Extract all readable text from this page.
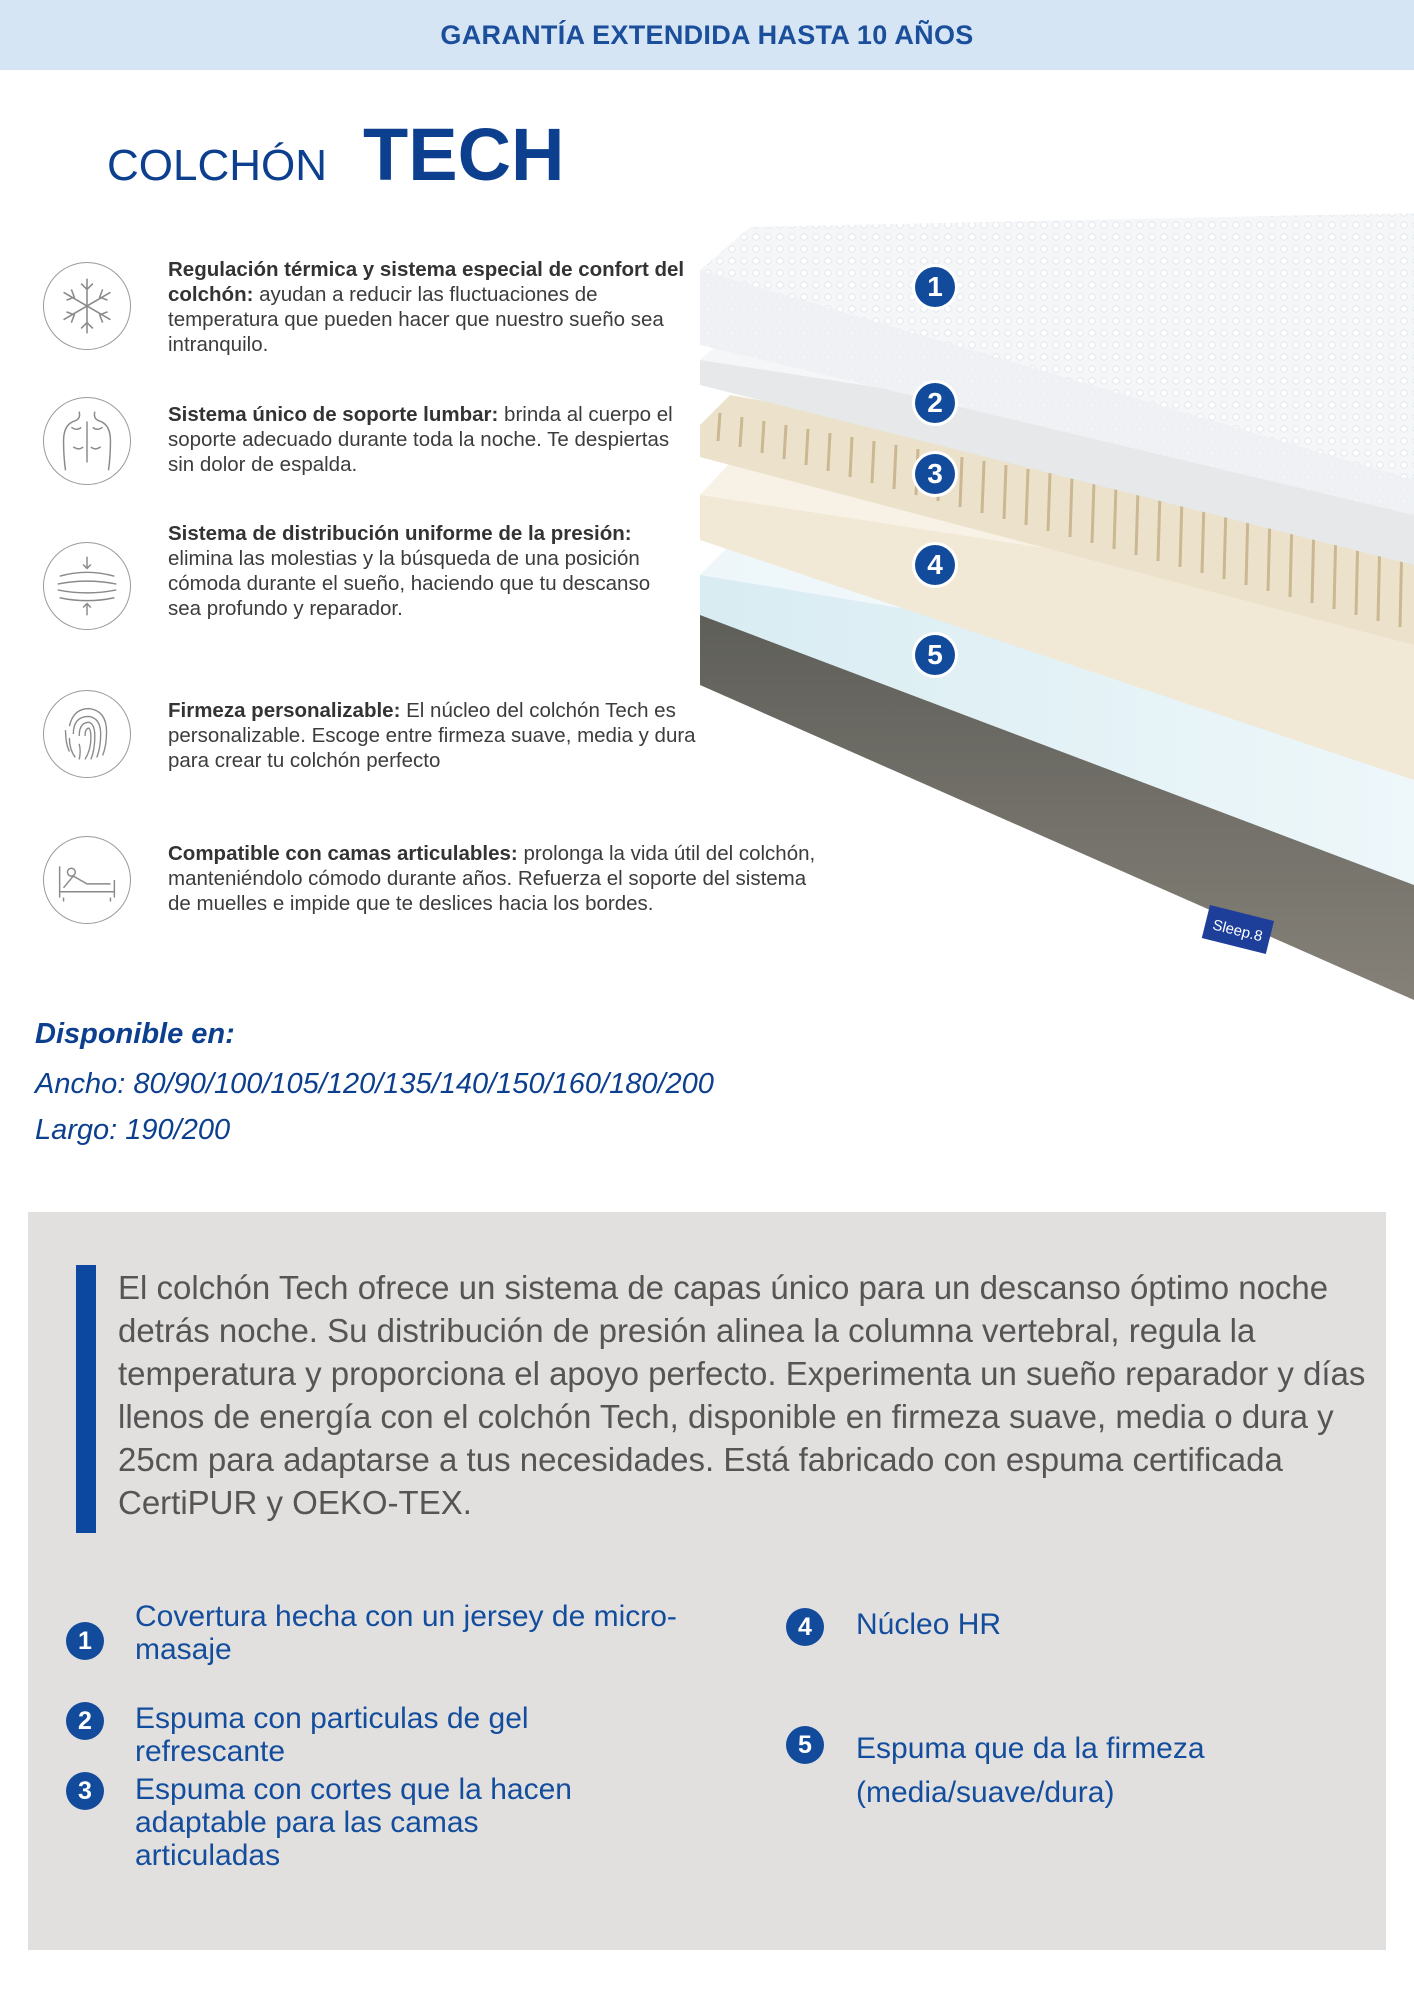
GARANTÍA EXTENDIDA HASTA 10 AÑOS
COLCHÓN TECH
Regulación térmica y sistema especial de confort del colchón: ayudan a reducir las fluctuaciones de temperatura que pueden hacer que nuestro sueño sea intranquilo.
Sistema único de soporte lumbar: brinda al cuerpo el soporte adecuado durante toda la noche. Te despiertas sin dolor de espalda.
Sistema de distribución uniforme de la presión: elimina las molestias y la búsqueda de una posición cómoda durante el sueño, haciendo que tu descanso sea profundo y reparador.
Firmeza personalizable: El núcleo del colchón Tech es personalizable. Escoge entre firmeza suave, media y dura para crear tu colchón perfecto
Compatible con camas articulables: prolonga la vida útil del colchón, manteniéndolo cómodo durante años. Refuerza el soporte del sistema de muelles e impide que te deslices hacia los bordes.
Sleep.8
1
2
3
4
5
Disponible en:
Ancho: 80/90/100/105/120/135/140/150/160/180/200
Largo: 190/200
El colchón Tech ofrece un sistema de capas único para un descanso óptimo noche detrás noche. Su distribución de presión alinea la columna vertebral, regula la temperatura y proporciona el apoyo perfecto. Experimenta un sueño reparador y días llenos de energía con el colchón Tech, disponible en firmeza suave, media o dura y 25cm para adaptarse a tus necesidades. Está fabricado con espuma certificada CertiPUR y OEKO-TEX.
1
Covertura hecha con un jersey de micro-masaje
2	Espuma con particulas de gel refrescante
3	Espuma con cortes que la hacen adaptable para las camas articuladas
4	Núcleo HR
5	Espuma que da la firmeza (media/suave/dura)
